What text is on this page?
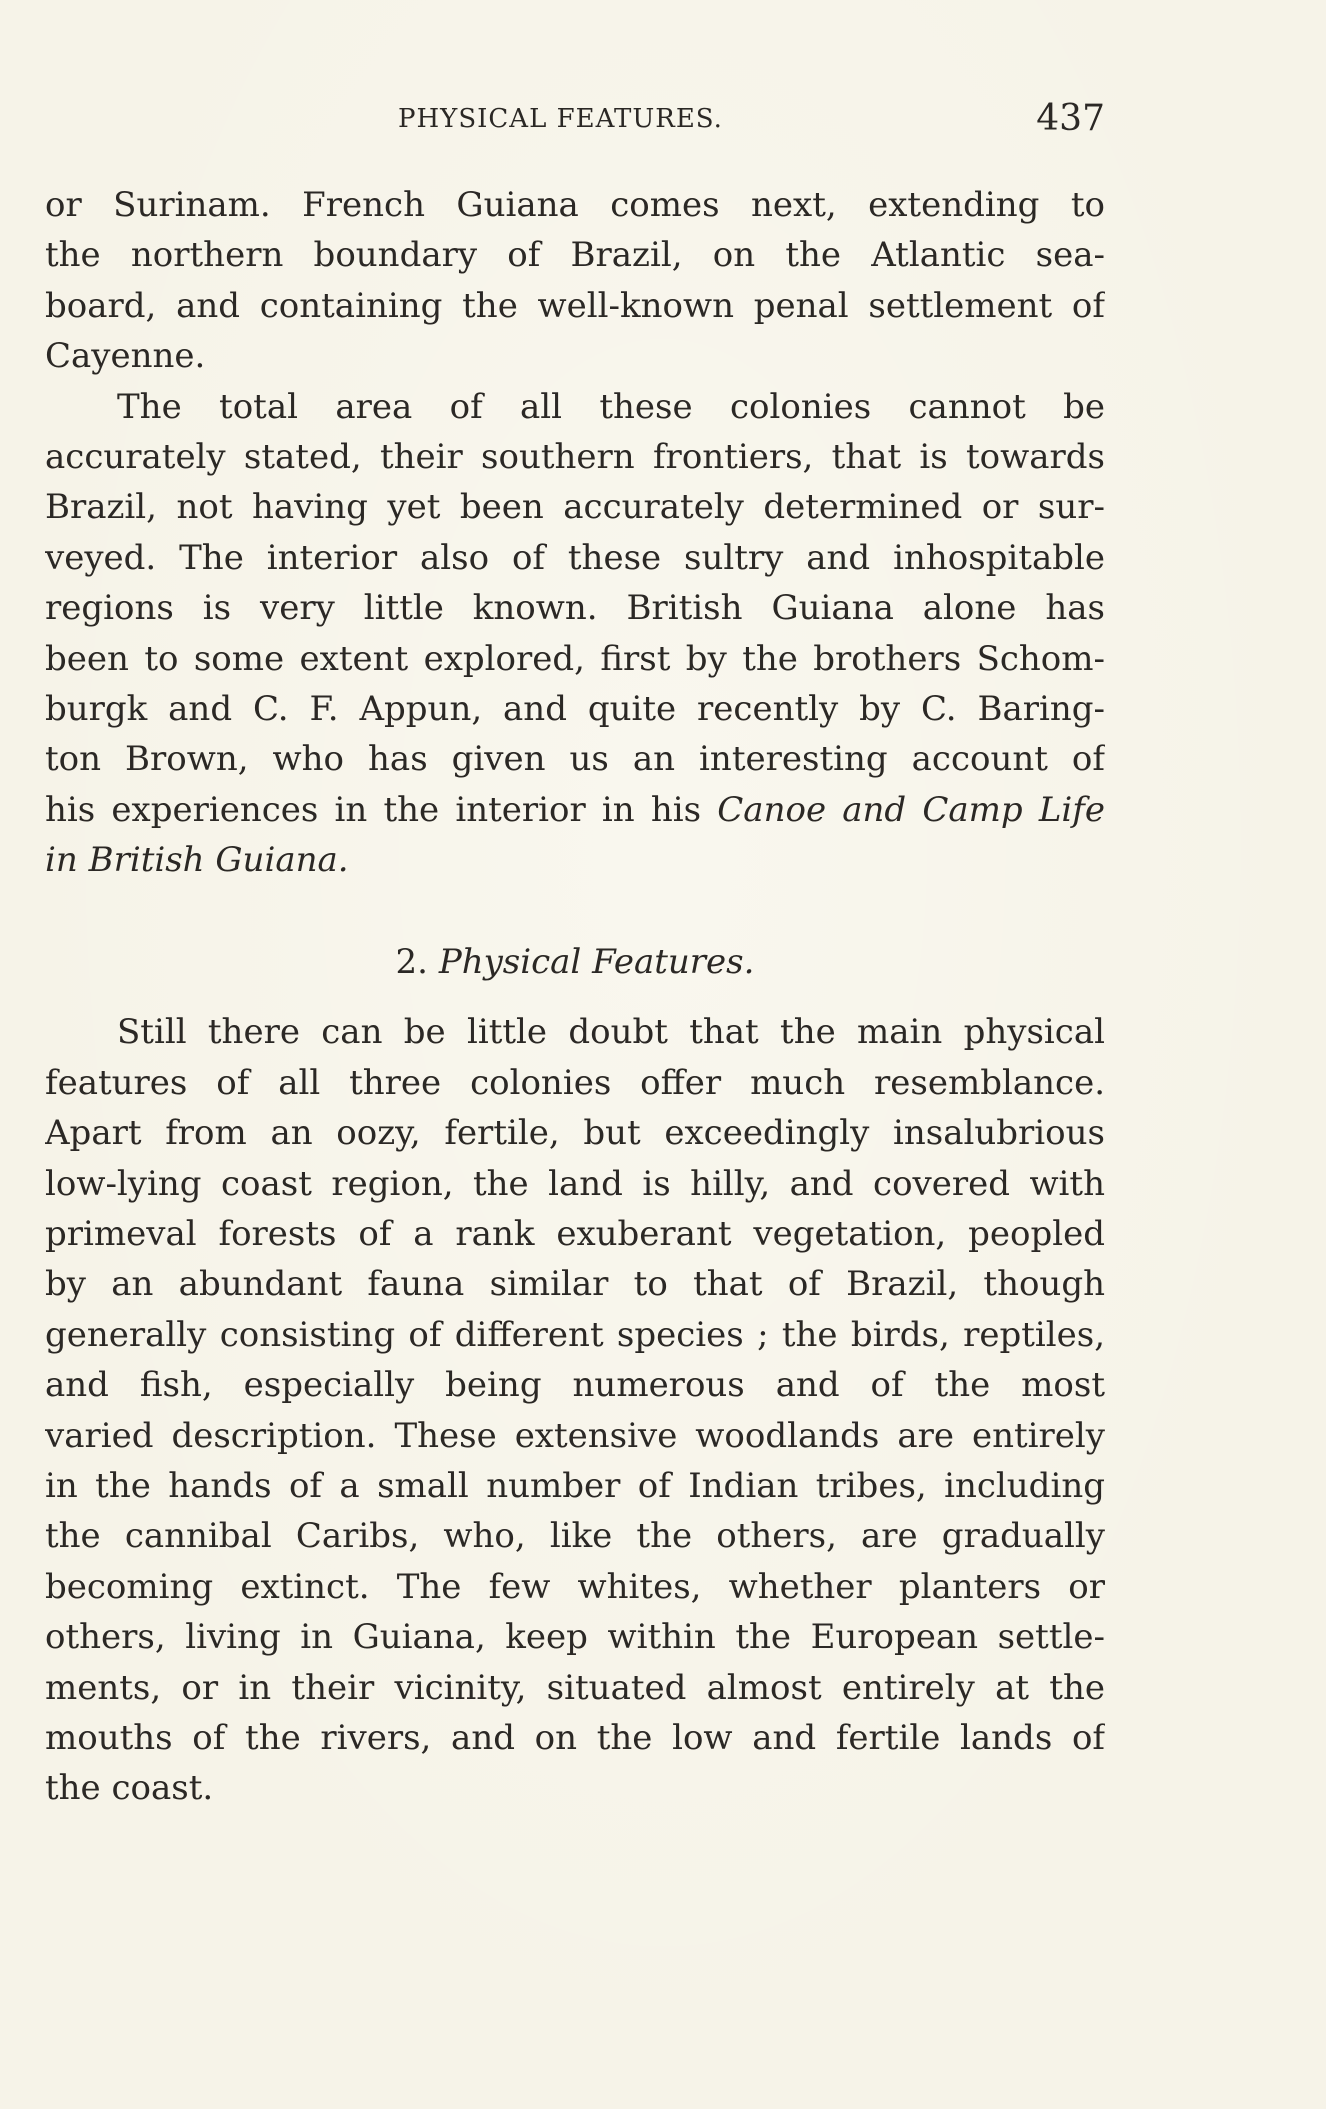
PHYSICAL FEATURES.	437
or Surinam. French Guiana comes next, extending to
the northern boundary of Brazil, on the Atlantic sea-
board, and containing the well-known penal settlement of
Cayenne.
The total area of all these colonies cannot be
accurately stated, their southern frontiers, that is towards
Brazil, not having yet been accurately determined or sur-
veyed. The interior also of these sultry and inhospitable
regions is very little known. British Guiana alone has
been to some extent explored, first by the brothers Schom-
burgk and C. F. Appun, and quite recently by C. Baring-
ton Brown, who has given us an interesting account of
his experiences in the interior in his Canoe and Camp Life
in British Guiana.
2. Physical Features.
Still there can be little doubt that the main physical
features of all three colonies offer much resemblance.
Apart from an oozy, fertile, but exceedingly insalubrious
low-lying coast region, the land is hilly, and covered with
primeval forests of a rank exuberant vegetation, peopled
by an abundant fauna similar to that of Brazil, though
generally consisting of different species ; the birds, reptiles,
and fish, especially being numerous and of the most
varied description. These extensive woodlands are entirely
in the hands of a small number of Indian tribes, including
the cannibal Caribs, who, like the others, are gradually
becoming extinct. The few whites, whether planters or
others, living in Guiana, keep within the European settle-
ments, or in their vicinity, situated almost entirely at the
mouths of the rivers, and on the low and fertile lands of
the coast.
